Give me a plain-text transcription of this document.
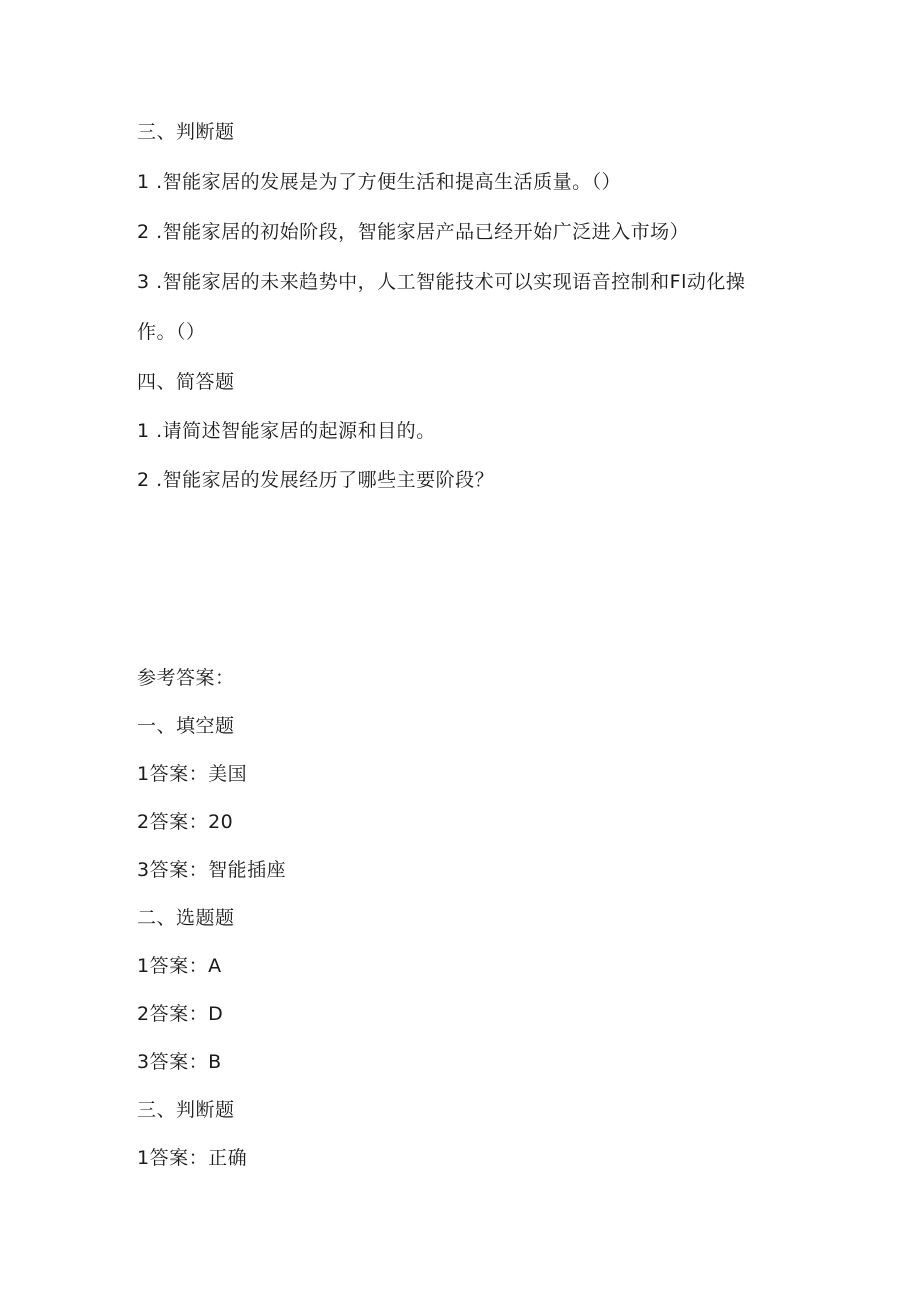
三、判断题
1 .智能家居的发展是为了方便生活和提高生活质量。（）
2 .智能家居的初始阶段，智能家居产品已经开始广泛进入市场）
3 .智能家居的未来趋势中，人工智能技术可以实现语音控制和Fl动化操
作。（）
四、简答题
1 .请简述智能家居的起源和目的。
2 .智能家居的发展经历了哪些主要阶段？
参考答案：
一、填空题
1答案：美国
2答案：20
3答案：智能插座
二、选题题
1答案：A
2答案：D
3答案：B
三、判断题
1答案：正确
